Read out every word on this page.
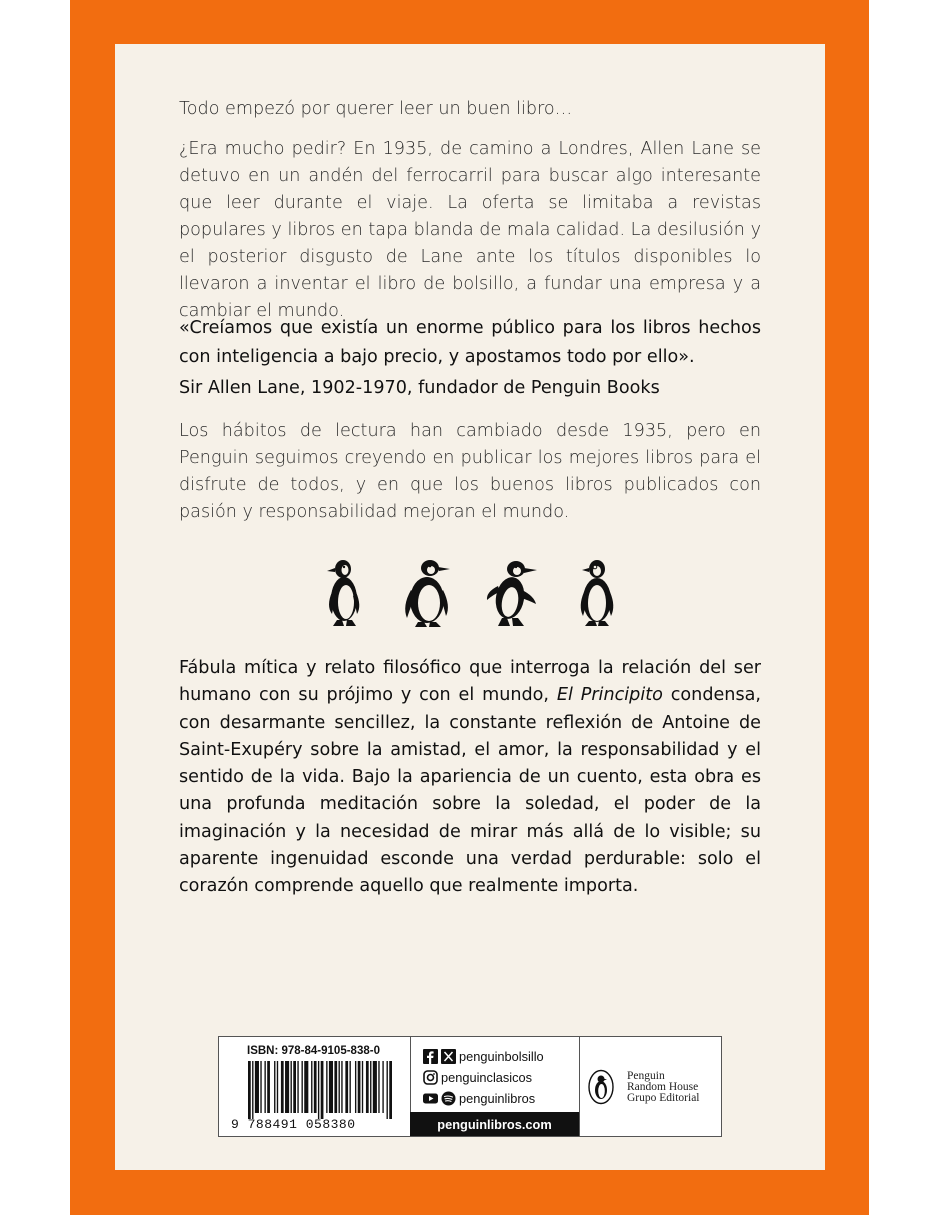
Todo empezó por querer leer un buen libro…

¿Era mucho pedir? En 1935, de camino a Londres, Allen Lane se detuvo en un andén del ferrocarril para buscar algo interesante que leer durante el viaje. La oferta se limitaba a revistas populares y libros en tapa blanda de mala calidad. La desilusión y el posterior disgusto de Lane ante los títulos disponibles lo llevaron a inventar el libro de bolsillo, a fundar una empresa y a cambiar el mundo.

«Creíamos que existía un enorme público para los libros hechos con inteligencia a bajo precio, y apostamos todo por ello».

Sir Allen Lane, 1902-1970, fundador de Penguin Books

Los hábitos de lectura han cambiado desde 1935, pero en Penguin seguimos creyendo en publicar los mejores libros para el disfrute de todos, y en que los buenos libros publicados con pasión y responsabilidad mejoran el mundo.

Fábula mítica y relato filosófico que interroga la relación del ser humano con su prójimo y con el mundo, El Principito condensa, con desarmante sencillez, la constante reflexión de Antoine de Saint-Exupéry sobre la amistad, el amor, la responsabilidad y el sentido de la vida. Bajo la apariencia de un cuento, esta obra es una profunda meditación sobre la soledad, el poder de la imaginación y la necesidad de mirar más allá de lo visible; su aparente ingenuidad esconde una verdad perdurable: solo el corazón comprende aquello que realmente importa.

ISBN: 978-84-9105-838-0
9 788491 058380
penguinbolsillo
penguinclasicos
penguinlibros
penguinlibros.com
Penguin
Random House
Grupo Editorial
